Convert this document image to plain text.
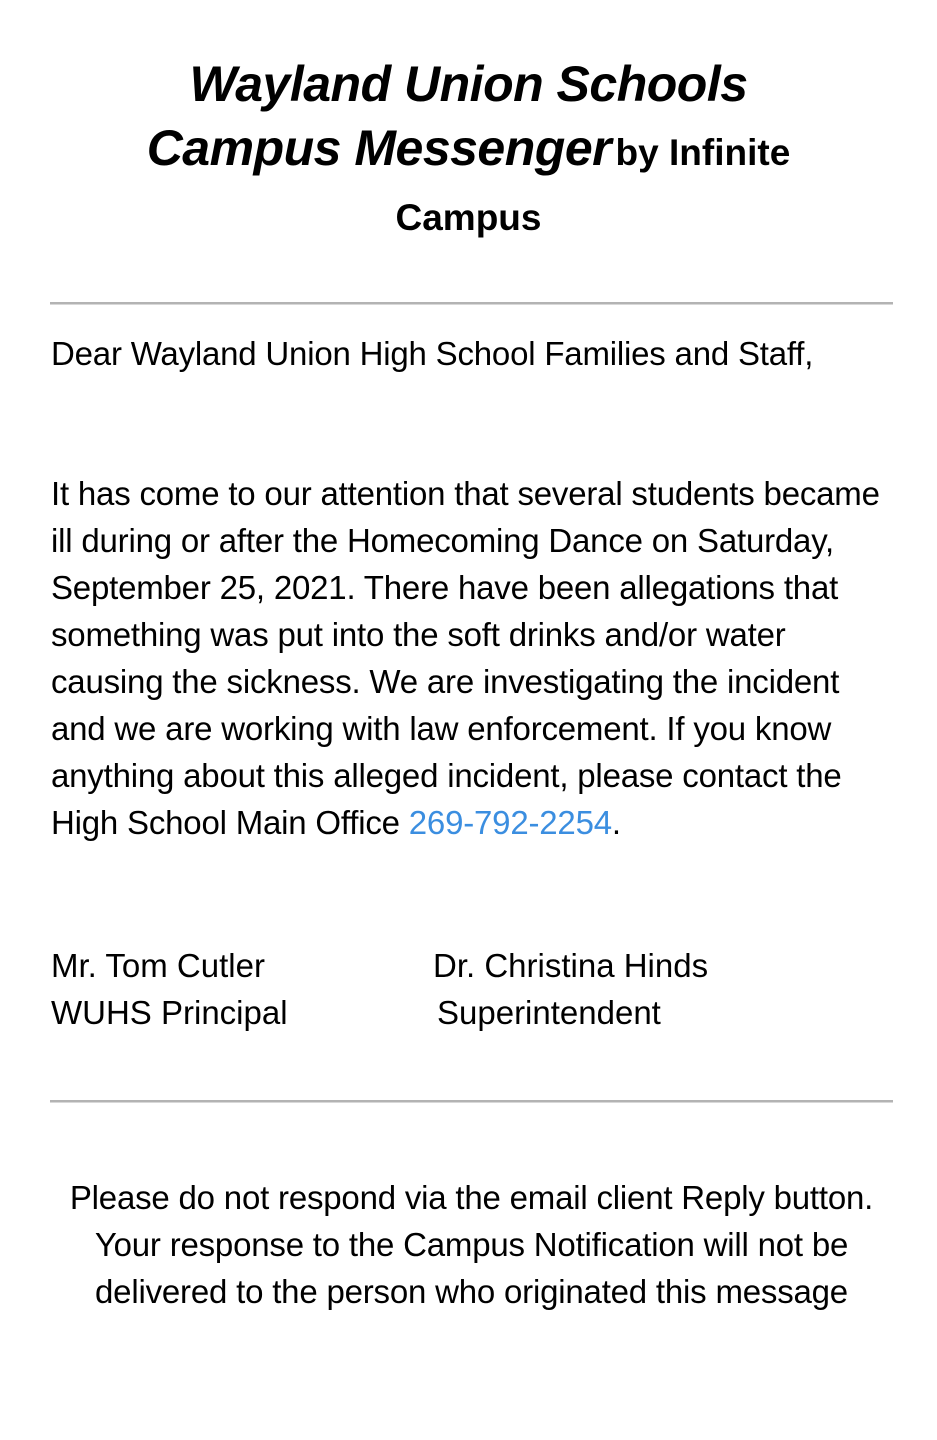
Wayland Union Schools
Campus Messenger by Infinite
Campus
Dear Wayland Union High School Families and Staff,
It has come to our attention that several students became ill during or after the Homecoming Dance on Saturday, September 25, 2021. There have been allegations that something was put into the soft drinks and/or water causing the sickness. We are investigating the incident and we are working with law enforcement. If you know anything about this alleged incident, please contact the High School Main Office 269-792-2254.
Mr. Tom Cutler
WUHS Principal
Dr. Christina Hinds
Superintendent
Please do not respond via the email client Reply button. Your response to the Campus Notification will not be delivered to the person who originated this message
